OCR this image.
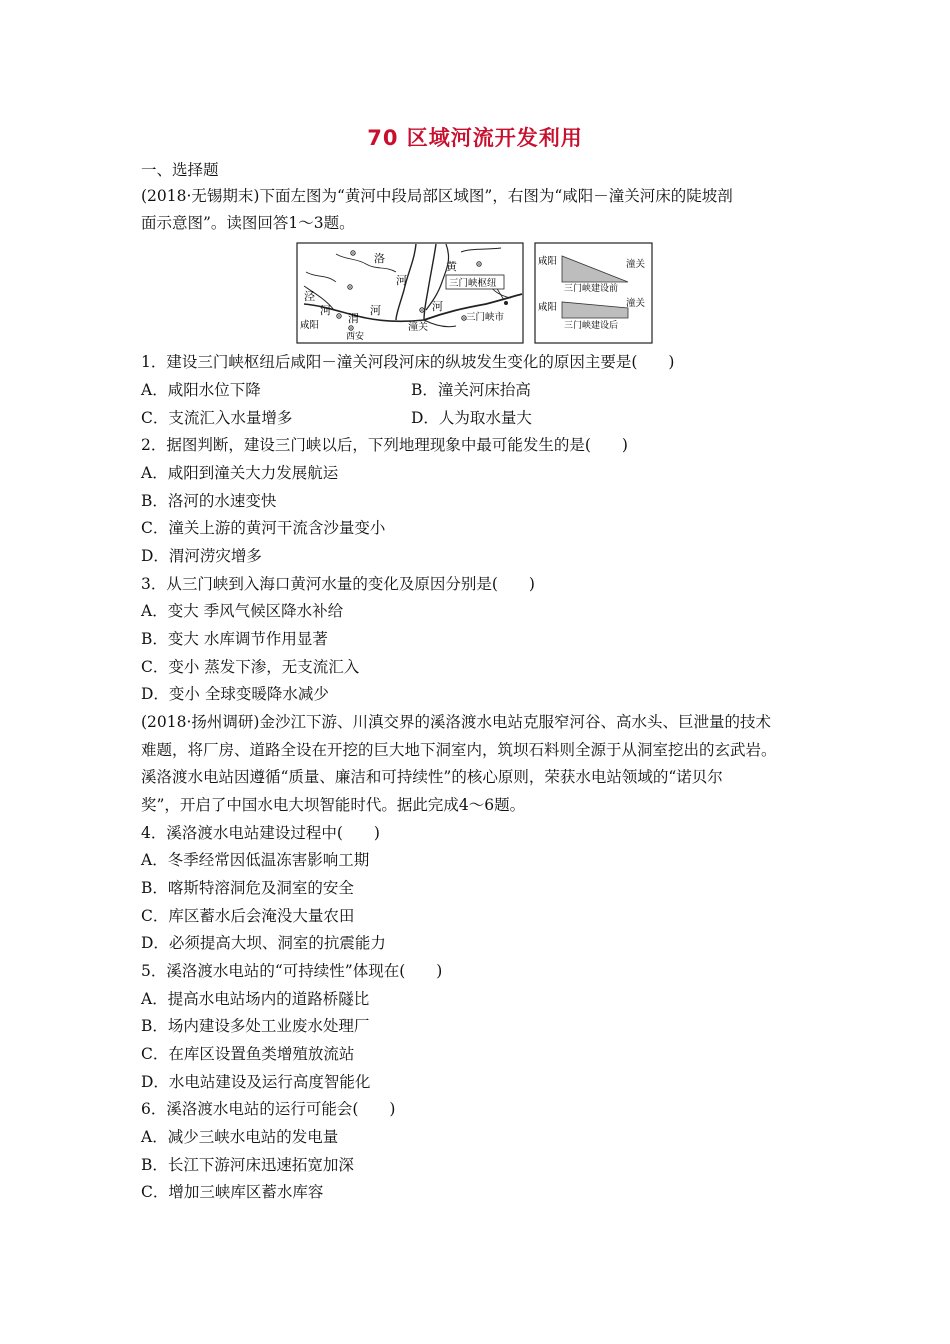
70 区域河流开发利用
一、选择题
(2018·无锡期末)下面左图为“黄河中段局部区域图”，右图为“咸阳－潼关河床的陡坡剖
面示意图”。读图回答1～3题。
洛
河
黄
河
三门峡枢纽
泾
河
渭
河
咸阳
西安
潼关
三门峡市
咸阳	潼关
三门峡建设前
咸阳	潼关
三门峡建设后
1．建设三门峡枢纽后咸阳－潼关河段河床的纵坡发生变化的原因主要是(　　)
A．咸阳水位下降	B．潼关河床抬高
C．支流汇入水量增多	D．人为取水量大
2．据图判断，建设三门峡以后，下列地理现象中最可能发生的是(　　)
A．咸阳到潼关大力发展航运
B．洛河的水速变快
C．潼关上游的黄河干流含沙量变小
D．渭河涝灾增多
3．从三门峡到入海口黄河水量的变化及原因分别是(　　)
A．变大 季风气候区降水补给
B．变大 水库调节作用显著
C．变小 蒸发下渗，无支流汇入
D．变小 全球变暖降水减少
(2018·扬州调研)金沙江下游、川滇交界的溪洛渡水电站克服窄河谷、高水头、巨泄量的技术
难题，将厂房、道路全设在开挖的巨大地下洞室内，筑坝石料则全源于从洞室挖出的玄武岩。
溪洛渡水电站因遵循“质量、廉洁和可持续性”的核心原则，荣获水电站领域的“诺贝尔
奖”，开启了中国水电大坝智能时代。据此完成4～6题。
4．溪洛渡水电站建设过程中(　　)
A．冬季经常因低温冻害影响工期
B．喀斯特溶洞危及洞室的安全
C．库区蓄水后会淹没大量农田
D．必须提高大坝、洞室的抗震能力
5．溪洛渡水电站的“可持续性”体现在(　　)
A．提高水电站场内的道路桥隧比
B．场内建设多处工业废水处理厂
C．在库区设置鱼类增殖放流站
D．水电站建设及运行高度智能化
6．溪洛渡水电站的运行可能会(　　)
A．减少三峡水电站的发电量
B．长江下游河床迅速拓宽加深
C．增加三峡库区蓄水库容
